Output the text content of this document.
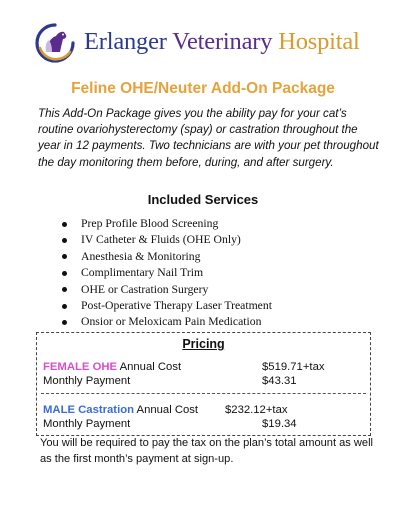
Erlanger Veterinary Hospital
Feline OHE/Neuter Add-On Package
This Add-On Package gives you the ability pay for your cat’s routine ovariohysterectomy (spay) or castration throughout the year in 12 payments. Two technicians are with your pet throughout the day monitoring them before, during, and after surgery.
Included Services
Prep Profile Blood Screening
IV Catheter & Fluids (OHE Only)
Anesthesia & Monitoring
Complimentary Nail Trim
OHE or Castration Surgery
Post-Operative Therapy Laser Treatment
Onsior or Meloxicam Pain Medication
Pricing
FEMALE OHE Annual Cost	$519.71+tax
Monthly Payment	$43.31
MALE Castration Annual Cost $232.12+tax
Monthly Payment	$19.34
You will be required to pay the tax on the plan’s total amount as well as the first month’s payment at sign-up.
